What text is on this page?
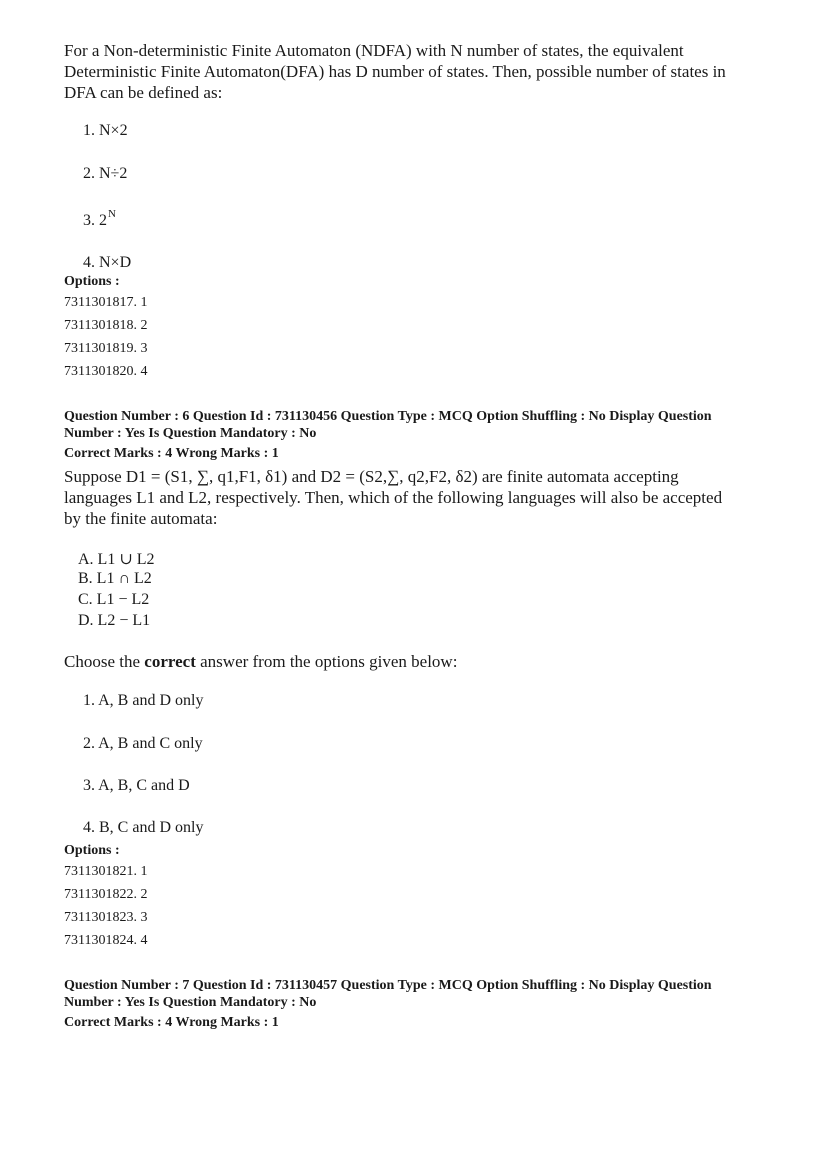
For a Non-deterministic Finite Automaton (NDFA) with N number of states, the equivalent
Deterministic Finite Automaton(DFA) has D number of states. Then, possible number of states in
DFA can be defined as:
1. N×2
2. N÷2
3. $2^N$
4. N×D
Options :
7311301817. 1
7311301818. 2
7311301819. 3
7311301820. 4
Question Number : 6 Question Id : 731130456 Question Type : MCQ Option Shuffling : No Display Question
Number : Yes Is Question Mandatory : No
Correct Marks : 4 Wrong Marks : 1
Suppose D1 = (S1, ∑, q1,F1, δ1) and D2 = (S2,∑, q2,F2, δ2) are finite automata accepting
languages L1 and L2, respectively. Then, which of the following languages will also be accepted
by the finite automata:
A. L1 ∪ L2
B. L1 ∩ L2
C. L1 − L2
D. L2 − L1
Choose the correct answer from the options given below:
1. A, B and D only
2. A, B and C only
3. A, B, C and D
4. B, C and D only
Options :
7311301821. 1
7311301822. 2
7311301823. 3
7311301824. 4
Question Number : 7 Question Id : 731130457 Question Type : MCQ Option Shuffling : No Display Question
Number : Yes Is Question Mandatory : No
Correct Marks : 4 Wrong Marks : 1
